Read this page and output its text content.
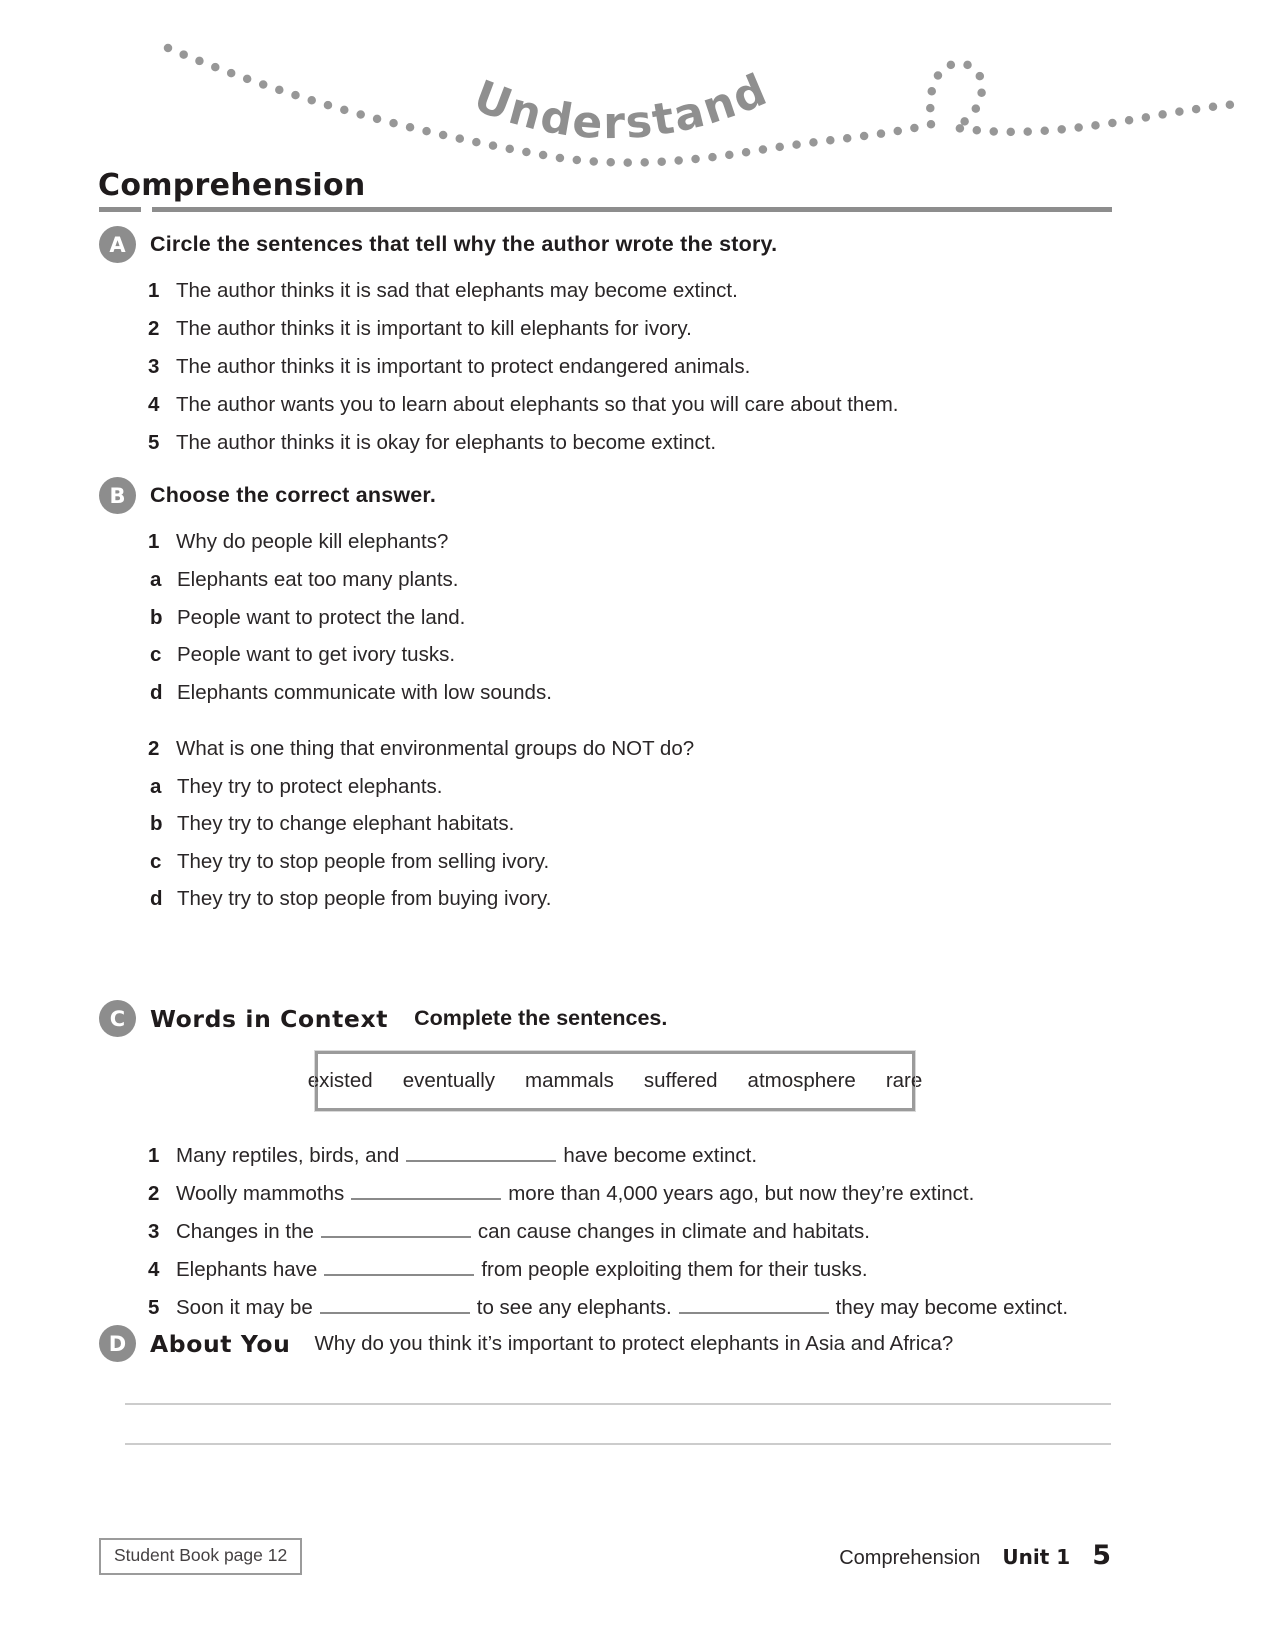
Understand
Comprehension
A	Circle the sentences that tell why the author wrote the story.
1 The author thinks it is sad that elephants may become extinct.
2 The author thinks it is important to kill elephants for ivory.
3 The author thinks it is important to protect endangered animals.
4 The author wants you to learn about elephants so that you will care about them.
5 The author thinks it is okay for elephants to become extinct.
B	Choose the correct answer.
1 Why do people kill elephants?
a Elephants eat too many plants.
b People want to protect the land.
c People want to get ivory tusks.
d Elephants communicate with low sounds.
2 What is one thing that environmental groups do NOT do?
a They try to protect elephants.
b They try to change elephant habitats.
c They try to stop people from selling ivory.
d They try to stop people from buying ivory.
C	Words in Context Complete the sentences.
existed eventually mammals suffered atmosphere rare
1 Many reptiles, birds, and	have become extinct.
2 Woolly mammoths	more than 4,000 years ago, but now they’re extinct.
3 Changes in the	can cause changes in climate and habitats.
4 Elephants have	from people exploiting them for their tusks.
5 Soon it may be	to see any elephants.	they may become extinct.
D	About You Why do you think it’s important to protect elephants in Asia and Africa?
Student Book page 12	Comprehension Unit 1 5
